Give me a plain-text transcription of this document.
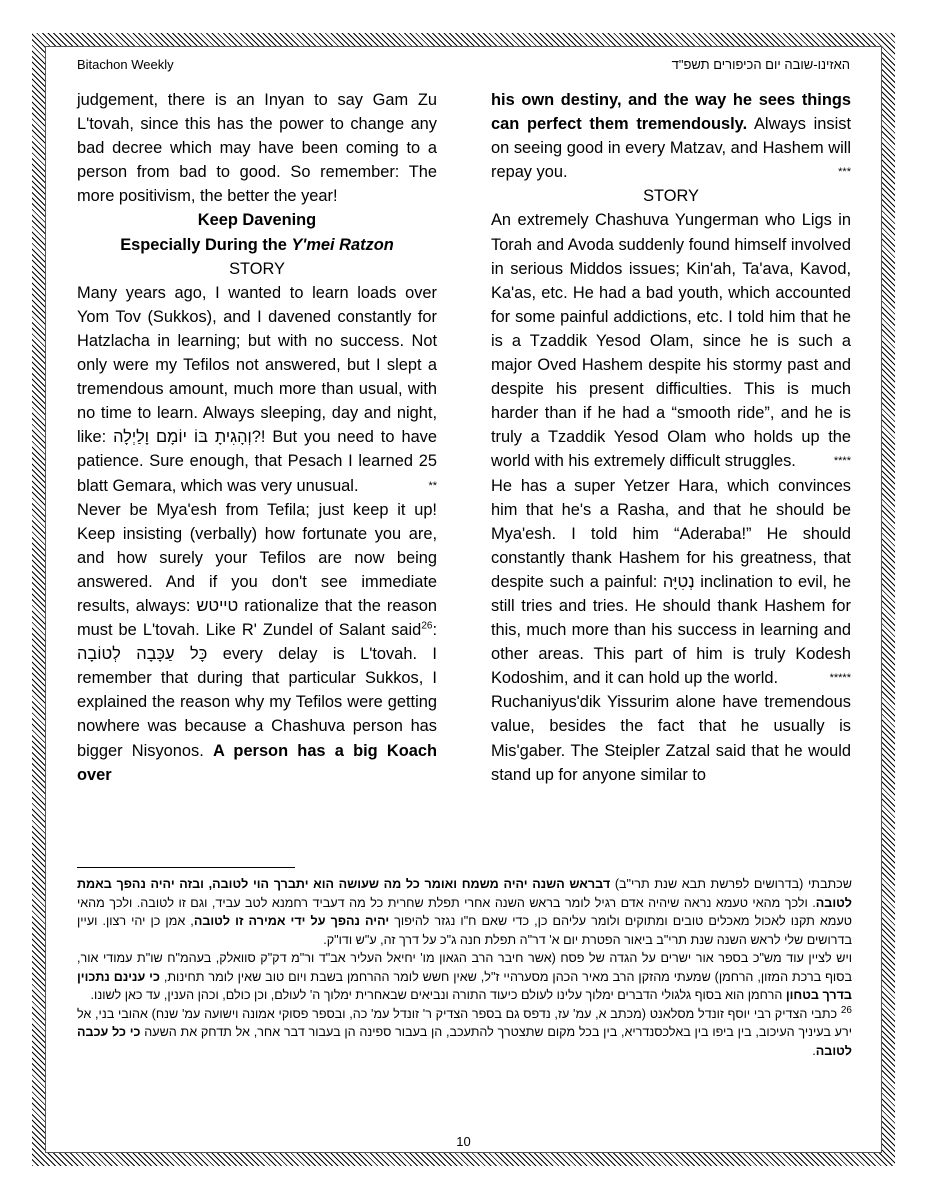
Bitachon Weekly	האזינו-שובה יום הכיפורים תשפ"ד

judgement, there is an Inyan to say Gam Zu L'tovah, since this has the power to change any bad decree which may have been coming to a person from bad to good. So remember: The more positivism, the better the year!

Keep Davening

Especially During the Y'mei Ratzon

STORY

Many years ago, I wanted to learn loads over Yom Tov (Sukkos), and I davened constantly for Hatzlacha in learning; but with no success. Not only were my Tefilos not answered, but I slept a tremendous amount, much more than usual, with no time to learn. Always sleeping, day and night, like: וְהָגִיתָ בּוֹ יוֹמָם וָלַיְלָה?! But you need to have patience. Sure enough, that Pesach I learned 25 blatt Gemara, which was very unusual.	**

Never be Mya'esh from Tefila; just keep it up! Keep insisting (verbally) how fortunate you are, and how surely your Tefilos are now being answered. And if you don't see immediate results, always: טײטש rationalize that the reason must be L'tovah. Like R' Zundel of Salant said$^{26}$: כָּל עַכָּבָה לְטוֹבָה every delay is L'tovah. I remember that during that particular Sukkos, I explained the reason why my Tefilos were getting nowhere was because a Chashuva person has bigger Nisyonos. A person has a big Koach over

his own destiny, and the way he sees things can perfect them tremendously. Always insist on seeing good in every Matzav, and Hashem will repay you.	***

STORY

An extremely Chashuva Yungerman who Ligs in Torah and Avoda suddenly found himself involved in serious Middos issues; Kin'ah, Ta'ava, Kavod, Ka'as, etc. He had a bad youth, which accounted for some painful addictions, etc. I told him that he is a Tzaddik Yesod Olam, since he is such a major Oved Hashem despite his stormy past and despite his present difficulties. This is much harder than if he had a “smooth ride”, and he is truly a Tzaddik Yesod Olam who holds up the world with his extremely difficult struggles.	****

He has a super Yetzer Hara, which convinces him that he's a Rasha, and that he should be Mya'esh. I told him “Aderaba!” He should constantly thank Hashem for his greatness, that despite such a painful: נְטִיָּה inclination to evil, he still tries and tries. He should thank Hashem for this, much more than his success in learning and other areas. This part of him is truly Kodesh Kodoshim, and it can hold up the world.	*****

Ruchaniyus'dik Yissurim alone have tremendous value, besides the fact that he usually is Mis'gaber. The Steipler Zatzal said that he would stand up for anyone similar to

שכתבתי (בדרושים לפרשת תבא שנת תרי"ב) דבראש השנה יהיה משמח ואומר כל מה שעושה הוא יתברך הוי לטובה, ובזה יהיה נהפך באמת לטובה. ולכך מהאי טעמא נראה שיהיה אדם רגיל לומר בראש השנה אחרי תפלת שחרית כל מה דעביד רחמנא לטב עביד, וגם זו לטובה. ולכך מהאי טעמא תקנו לאכול מאכלים טובים ומתוקים ולומר עליהם כן, כדי שאם ח"ו נגזר להיפוך יהיה נהפך על ידי אמירה זו לטובה, אמן כן יהי רצון. ועיין בדרושים שלי לראש השנה שנת תרי"ב ביאור הפטרת יום א' דר"ה תפלת חנה ג"כ על דרך זה, ע"ש ודו"ק.

ויש לציין עוד מש"כ בספר אור ישרים על הגדה של פסח (אשר חיבר הרב הגאון מו' יחיאל העליר אב"ד ור"מ דק"ק סוואלק, בעהמ"ח שו"ת עמודי אור, בסוף ברכת המזון, הרחמן) שמעתי מהזקן הרב מאיר הכהן מסערהיי ז"ל, שאין חשש לומר ההרחמן בשבת ויום טוב שאין לומר תחינות, כי ענינם נתכוין בדרך בטחון הרחמן הוא בסוף גלגולי הדברים ימלוך עלינו לעולם כיעוד התורה ונביאים שבאחרית ימלוך ה' לעולם, וכן כולם, וכהן הענין, עד כאן לשונו.

$^{26}$ כתבי הצדיק רבי יוסף זונדל מסלאנט (מכתב א, עמ' עז, נדפס גם בספר הצדיק ר' זונדל עמ' כה, ובספר פסוקי אמונה וישועה עמ' שנח) אהובי בני, אל ירע בעיניך העיכוב, בין ביפו בין באלכסנדריא, בין בכל מקום שתצטרך להתעכב, הן בעבור ספינה הן בעבור דבר אחר, אל תדחק את השעה כי כל עכבה לטובה.

10
